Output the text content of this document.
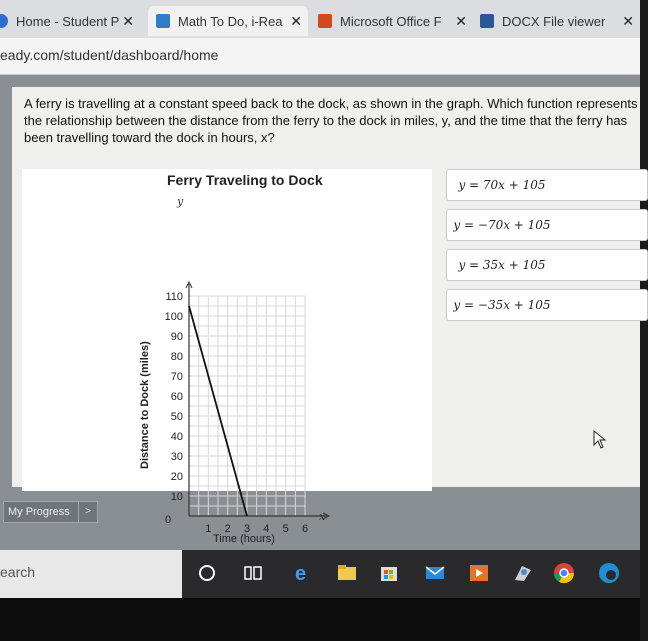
Home - Student P ✕	Math To Do, i-Rea ✕	Microsoft Office F ✕	DOCX File viewer ✕
eady.com/student/dashboard/home
A ferry is travelling at a constant speed back to the dock, as shown in the graph. Which function represents the relationship between the distance from the ferry to the dock in miles, y, and the time that the ferry has been travelling toward the dock in hours, x?
10
20
30
40
50
60
70
80
90
100
110
1 2 3 4 5 6
Ferry Traveling to Dock
y
x
0
Time (hours)
Distance to Dock (miles)
y = 70x + 105
y = −70x + 105
y = 35x + 105
y = −35x + 105
My Progress	>
earch	e
